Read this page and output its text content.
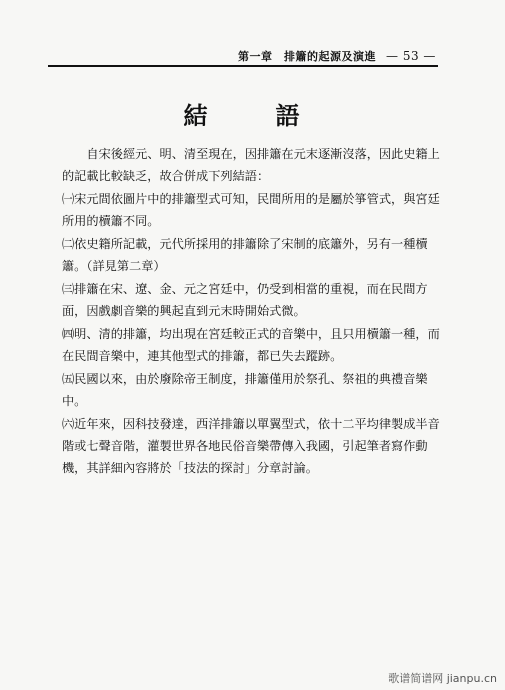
第一章　排簫的起源及演進 — 53 —
結　語

自宋後經元、明、清至現在，因排簫在元末逐漸沒落，因此史籍上的記載比較缺乏，故合併成下列結語：

㈠宋元間依圖片中的排簫型式可知，民間所用的是屬於箏管式，與宮廷所用的櫝簫不同。

㈡依史籍所記載，元代所採用的排簫除了宋制的底簫外，另有一種櫝簫。（詳見第二章）

㈢排簫在宋、遼、金、元之宮廷中，仍受到相當的重視，而在民間方面，因戲劇音樂的興起直到元末時開始式微。

㈣明、清的排簫，均出現在宮廷較正式的音樂中，且只用櫝簫一種，而在民間音樂中，連其他型式的排簫，都已失去蹤跡。

㈤民國以來，由於廢除帝王制度，排簫僅用於祭孔、祭祖的典禮音樂中。

㈥近年來，因科技發達，西洋排簫以單翼型式，依十二平均律製成半音階或七聲音階，灌製世界各地民俗音樂帶傳入我國，引起筆者寫作動機，其詳細內容將於「技法的探討」分章討論。

歌谱简谱网 jianpu.cn
